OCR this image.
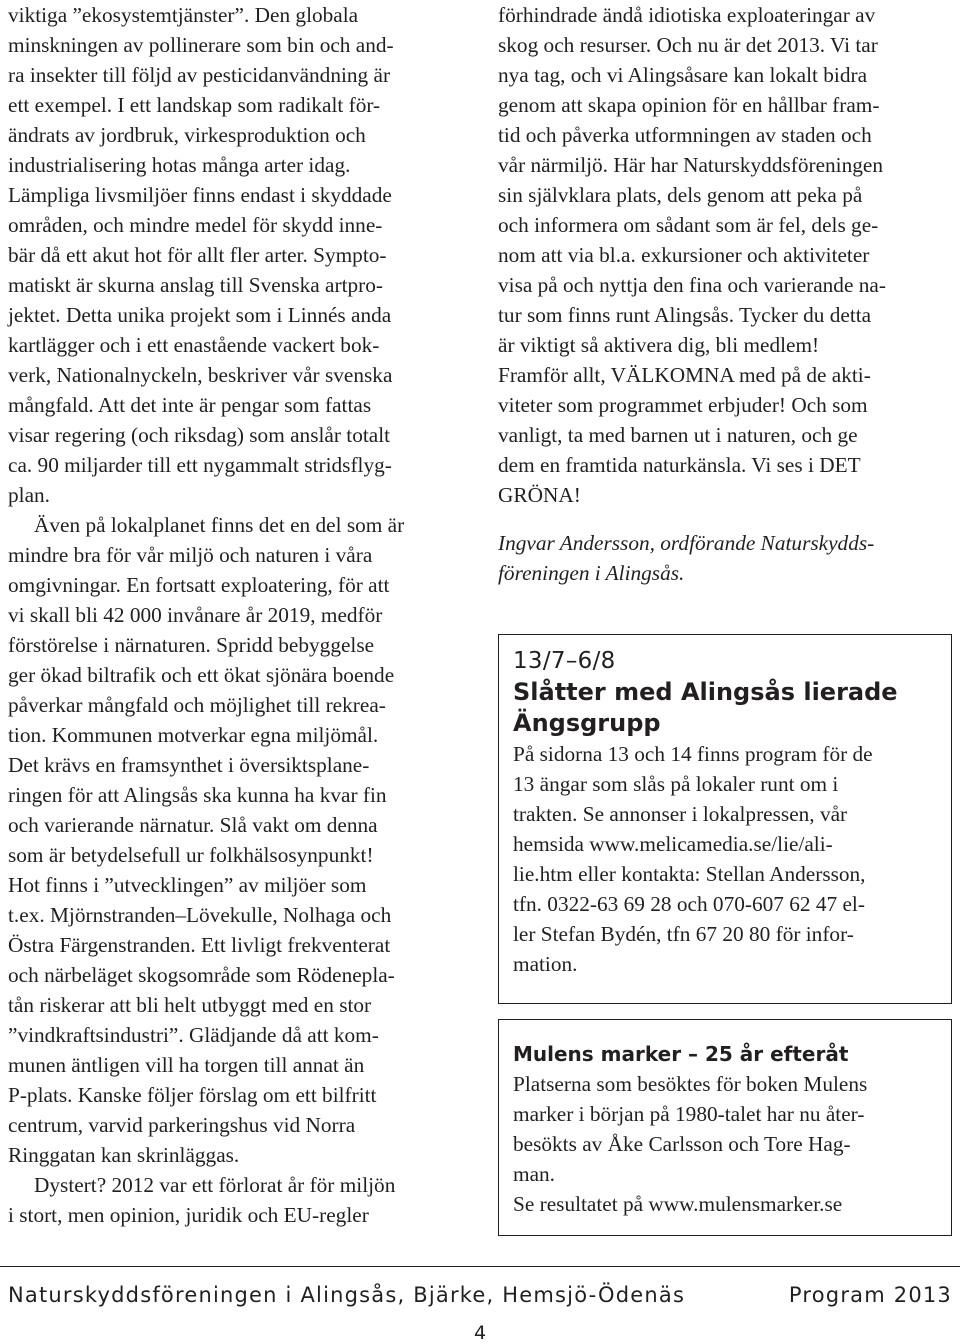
viktiga ”ekosystemtjänster”. Den globala

minskningen av pollinerare som bin och and-

ra insekter till följd av pesticidanvändning är

ett exempel. I ett landskap som radikalt för-

ändrats av jordbruk, virkesproduktion och

industrialisering hotas många arter idag.

Lämpliga livsmiljöer finns endast i skyddade

områden, och mindre medel för skydd inne-

bär då ett akut hot för allt fler arter. Sympto-

matiskt är skurna anslag till Svenska artpro-

jektet. Detta unika projekt som i Linnés anda

kartlägger och i ett enastående vackert bok-

verk, Nationalnyckeln, beskriver vår svenska

mångfald. Att det inte är pengar som fattas

visar regering (och riksdag) som anslår totalt

ca. 90 miljarder till ett nygammalt stridsflyg-

plan.

Även på lokalplanet finns det en del som är

mindre bra för vår miljö och naturen i våra

omgivningar. En fortsatt exploatering, för att

vi skall bli 42 000 invånare år 2019, medför

förstörelse i närnaturen. Spridd bebyggelse

ger ökad biltrafik och ett ökat sjönära boende

påverkar mångfald och möjlighet till rekrea-

tion. Kommunen motverkar egna miljömål.

Det krävs en framsynthet i översiktsplane-

ringen för att Alingsås ska kunna ha kvar fin

och varierande närnatur. Slå vakt om denna

som är betydelsefull ur folkhälsosynpunkt!

Hot finns i ”utvecklingen” av miljöer som

t.ex. Mjörnstranden–Lövekulle, Nolhaga och

Östra Färgenstranden. Ett livligt frekventerat

och närbeläget skogsområde som Rödenepla-

tån riskerar att bli helt utbyggt med en stor

”vindkraftsindustri”. Glädjande då att kom-

munen äntligen vill ha torgen till annat än

P-plats. Kanske följer förslag om ett bilfritt

centrum, varvid parkeringshus vid Norra

Ringgatan kan skrinläggas.

Dystert? 2012 var ett förlorat år för miljön

i stort, men opinion, juridik och EU-regler

förhindrade ändå idiotiska exploateringar av

skog och resurser. Och nu är det 2013. Vi tar

nya tag, och vi Alingsåsare kan lokalt bidra

genom att skapa opinion för en hållbar fram-

tid och påverka utformningen av staden och

vår närmiljö. Här har Naturskyddsföreningen

sin självklara plats, dels genom att peka på

och informera om sådant som är fel, dels ge-

nom att via bl.a. exkursioner och aktiviteter

visa på och nyttja den fina och varierande na-

tur som finns runt Alingsås. Tycker du detta

är viktigt så aktivera dig, bli medlem!

Framför allt, VÄLKOMNA med på de akti-

viteter som programmet erbjuder! Och som

vanligt, ta med barnen ut i naturen, och ge

dem en framtida naturkänsla. Vi ses i DET

GRÖNA!

Ingvar Andersson, ordförande Naturskydds-

föreningen i Alingsås.

13/7–6/8

Slåtter med Alingsås lierade

Ängsgrupp

På sidorna 13 och 14 finns program för de

13 ängar som slås på lokaler runt om i

trakten. Se annonser i lokalpressen, vår

hemsida www.melicamedia.se/lie/ali-

lie.htm eller kontakta: Stellan Andersson,

tfn. 0322-63 69 28 och 070-607 62 47 el-

ler Stefan Bydén, tfn 67 20 80 för infor-

mation.

Mulens marker – 25 år efteråt

Platserna som besöktes för boken Mulens

marker i början på 1980-talet har nu åter-

besökts av Åke Carlsson och Tore Hag-

man.

Se resultatet på www.mulensmarker.se

Naturskyddsföreningen i Alingsås, Bjärke, Hemsjö-Ödenäs	Program 2013
4
